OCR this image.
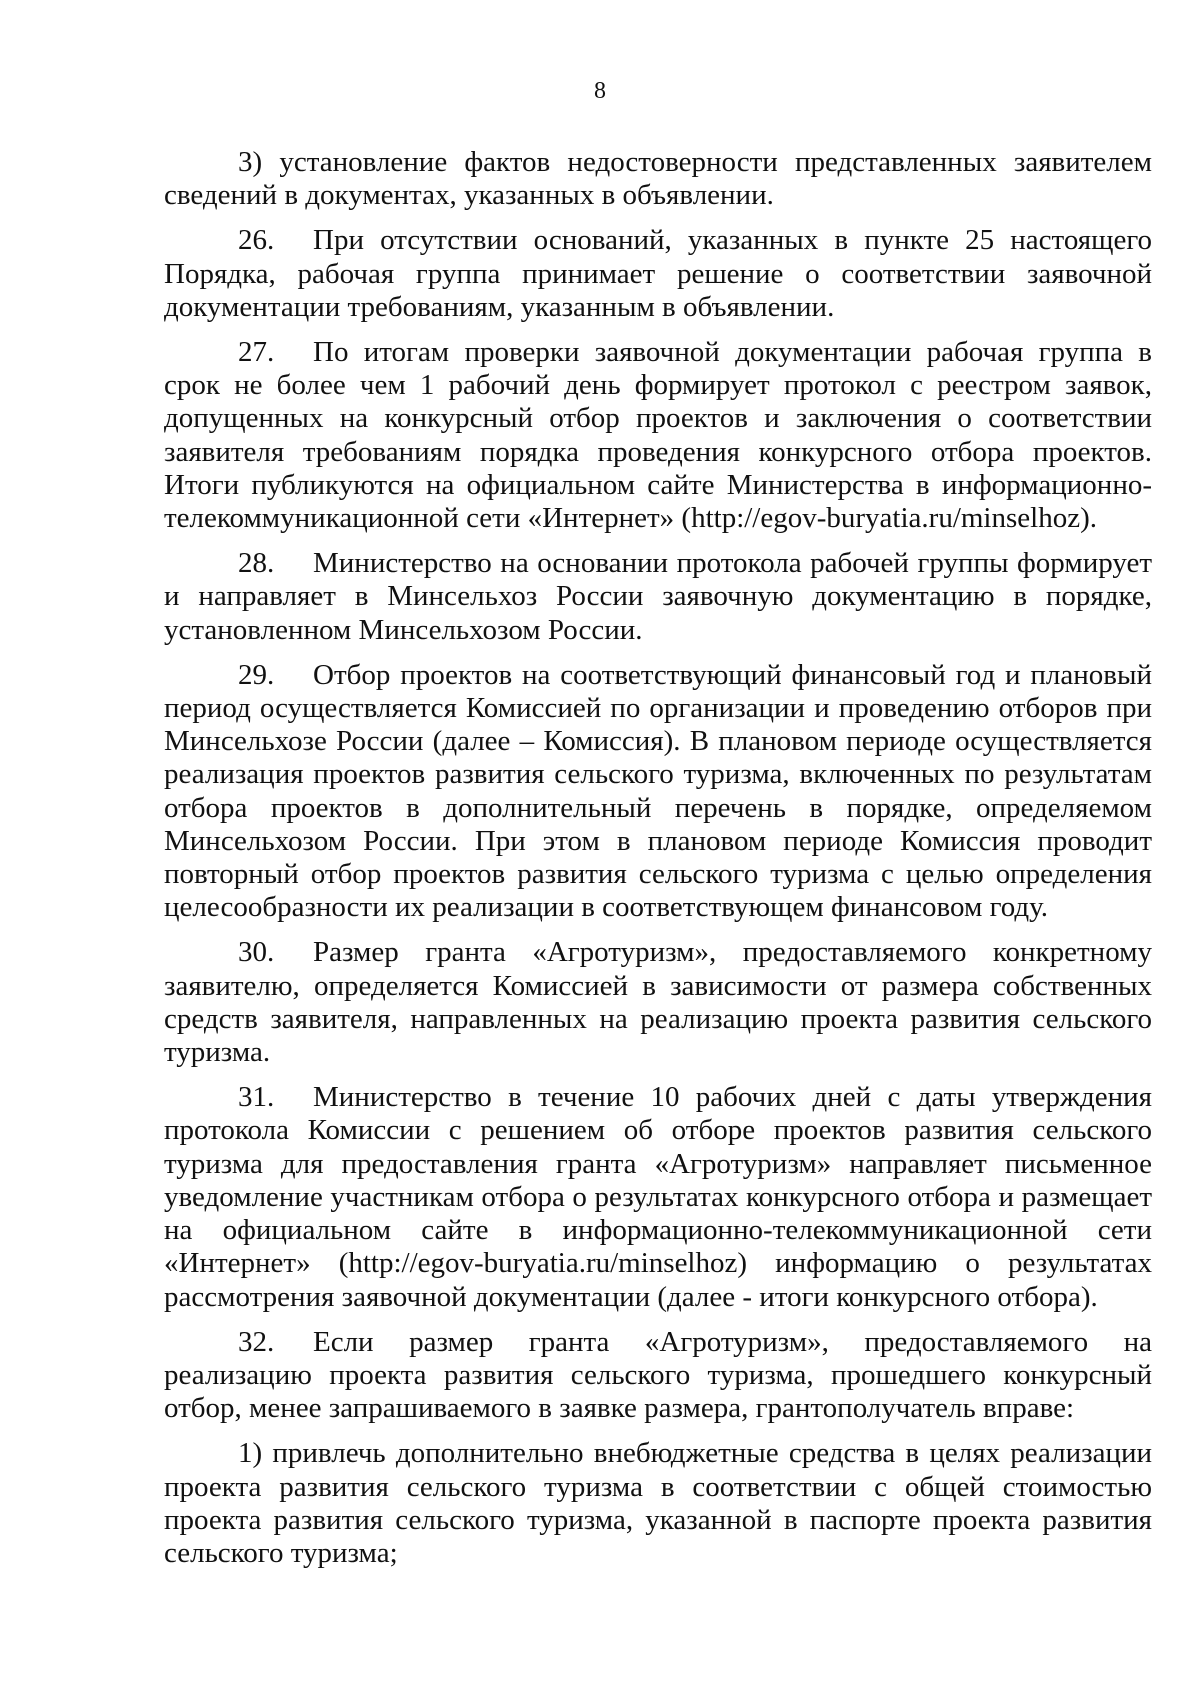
8

3) установление фактов недостоверности представленных заявителем сведений в документах, указанных в объявлении.

26. При отсутствии оснований, указанных в пункте 25 настоящего Порядка, рабочая группа принимает решение о соответствии заявочной документации требованиям, указанным в объявлении.

27. По итогам проверки заявочной документации рабочая группа в срок не более чем 1 рабочий день формирует протокол с реестром заявок, допущенных на конкурсный отбор проектов и заключения о соответствии заявителя требованиям порядка проведения конкурсного отбора проектов. Итоги публикуются на официальном сайте Министерства в информационно-телекоммуникационной сети «Интернет» (http://egov-buryatia.ru/minselhoz).

28. Министерство на основании протокола рабочей группы формирует и направляет в Минсельхоз России заявочную документацию в порядке, установленном Минсельхозом России.

29. Отбор проектов на соответствующий финансовый год и плановый период осуществляется Комиссией по организации и проведению отборов при Минсельхозе России (далее – Комиссия). В плановом периоде осуществляется реализация проектов развития сельского туризма, включенных по результатам отбора проектов в дополнительный перечень в порядке, определяемом Минсельхозом России. При этом в плановом периоде Комиссия проводит повторный отбор проектов развития сельского туризма с целью определения целесообразности их реализации в соответствующем финансовом году.

30. Размер гранта «Агротуризм», предоставляемого конкретному заявителю, определяется Комиссией в зависимости от размера собственных средств заявителя, направленных на реализацию проекта развития сельского туризма.

31. Министерство в течение 10 рабочих дней с даты утверждения протокола Комиссии с решением об отборе проектов развития сельского туризма для предоставления гранта «Агротуризм» направляет письменное уведомление участникам отбора о результатах конкурсного отбора и размещает на официальном сайте в информационно-телекоммуникационной сети «Интернет» (http://egov-buryatia.ru/minselhoz) информацию о результатах рассмотрения заявочной документации (далее - итоги конкурсного отбора).

32. Если размер гранта «Агротуризм», предоставляемого на реализацию проекта развития сельского туризма, прошедшего конкурсный отбор, менее запрашиваемого в заявке размера, грантополучатель вправе:

1) привлечь дополнительно внебюджетные средства в целях реализации проекта развития сельского туризма в соответствии с общей стоимостью проекта развития сельского туризма, указанной в паспорте проекта развития сельского туризма;
